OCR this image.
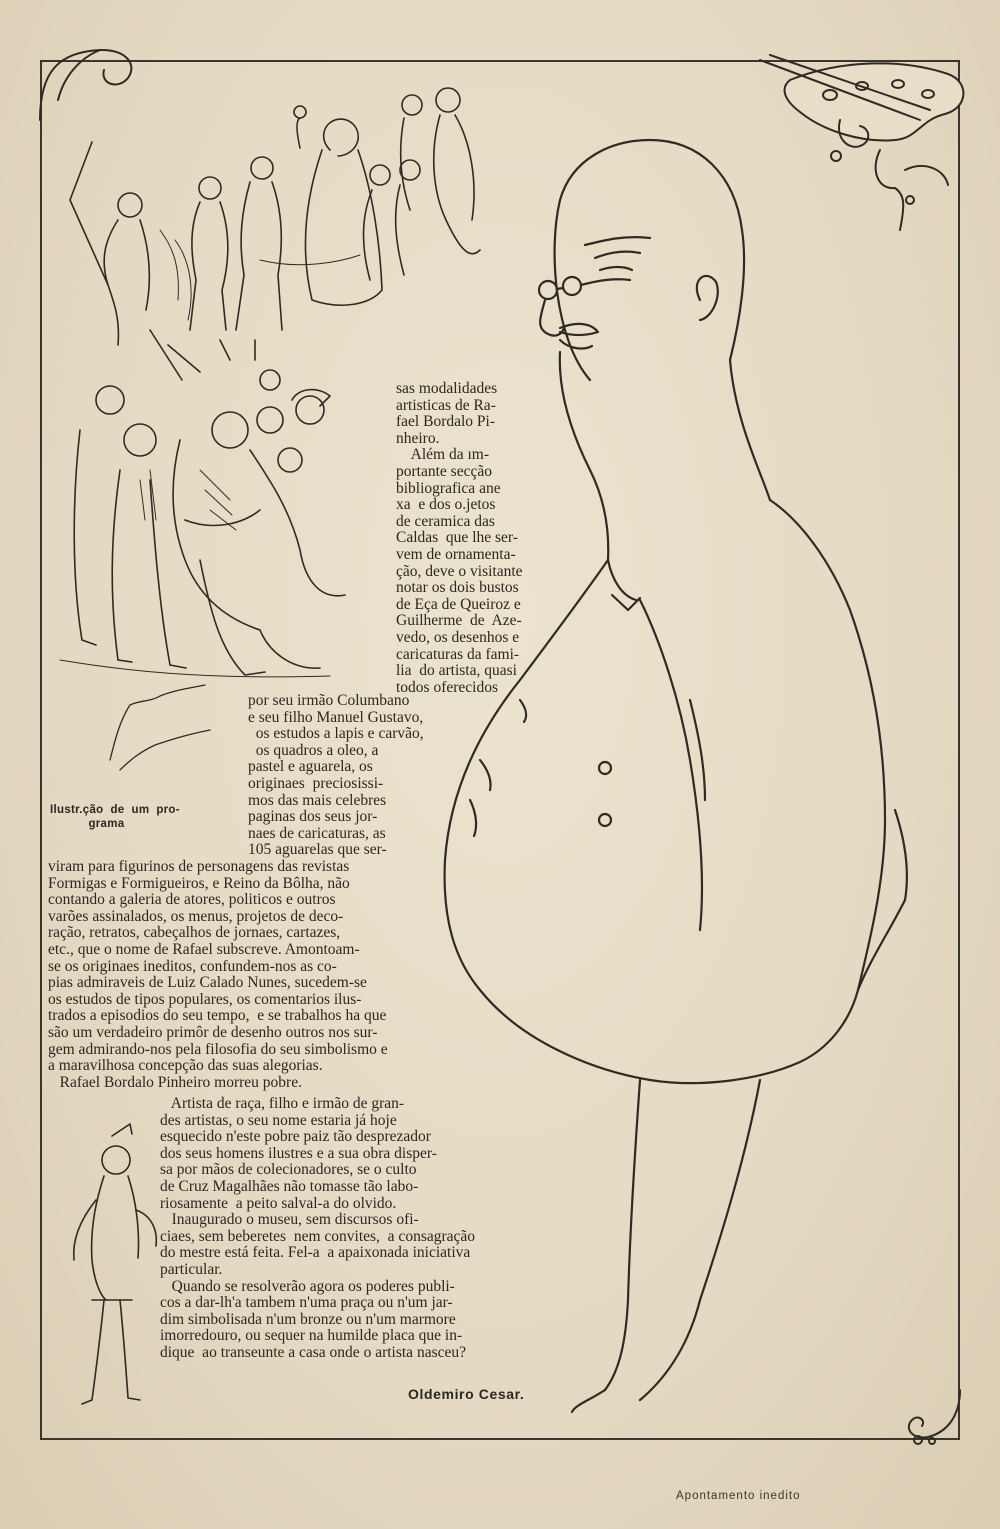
sas modalidades
artisticas de Ra-
fael Bordalo Pi-
nheiro.
Além da ım-
portante secção
bibliografica ane
xa  e dos o.jetos
de ceramica das
Caldas  que lhe ser-
vem de ornamenta-
ção, deve o visitante
notar os dois bustos
de Eça de Queiroz e
Guilherme  de  Aze-
vedo, os desenhos e
caricaturas da fami-
lia  do artista, quasi
todos oferecidos

por seu irmão Columbano
e seu filho Manuel Gustavo,
os estudos a lapis e carvão,
os quadros a oleo, a
pastel e aguarela, os
originaes  preciosissi-
mos das mais celebres
paginas dos seus jor-
naes de caricaturas, as
105 aguarelas que ser-

viram para figurinos de personagens das revistas
Formigas e Formigueiros, e Reino da Bôlha, não
contando a galeria de atores, politicos e outros
varões assinalados, os menus, projetos de deco-
ração, retratos, cabeçalhos de jornaes, cartazes,
etc., que o nome de Rafael subscreve. Amontoam-
se os originaes ineditos, confundem-nos as co-
pias admiraveis de Luiz Calado Nunes, sucedem-se
os estudos de tipos populares, os comentarios ilus-
trados a episodios do seu tempo,  e se trabalhos ha que
são um verdadeiro primôr de desenho outros nos sur-
gem admirando-nos pela filosofia do seu simbolismo e
a maravilhosa concepção das suas alegorias.
Rafael Bordalo Pinheiro morreu pobre.

Artista de raça, filho e irmão de gran-
des artistas, o seu nome estaria já hoje
esquecido n'este pobre paiz tão desprezador
dos seus homens ilustres e a sua obra disper-
sa por mãos de colecionadores, se o culto
de Cruz Magalhães não tomasse tão labo-
riosamente  a peito salval-a do olvido.
Inaugurado o museu, sem discursos ofi-
ciaes, sem beberetes  nem convites,  a consagração
do mestre está feita. Fel-a  a apaixonada iniciativa
particular.
Quando se resolverão agora os poderes publi-
cos a dar-lh'a tambem n'uma praça ou n'um jar-
dim simbolisada n'um bronze ou n'um marmore
imorredouro, ou sequer na humilde placa que in-
dique  ao transeunte a casa onde o artista nasceu?

Ilustr.ção  de  um  pro-
grama

Oldemiro Cesar.

Apontamento inedito
